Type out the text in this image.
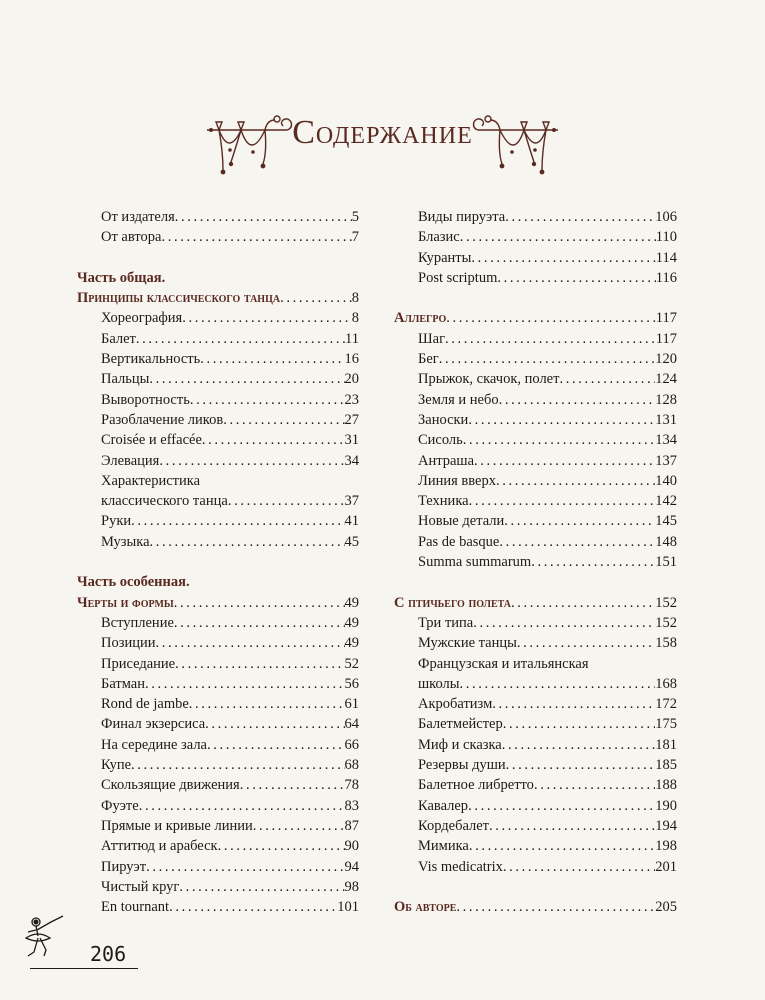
Содержание
От издателя . . .	5
От автора . . .	7
Часть общая.
Принципы классического танца . . .	8
Хореография . . .	8
Балет . . .	11
Вертикальность . . .	16
Пальцы . . .	20
Выворотность . . .	23
Разоблачение ликов . . .	27
Croisée и effacée . . .	31
Элевация . . .	34
Характеристика
классического танца . . .	37
Руки . . .	41
Музыка . . .	45
Часть особенная.
Черты и формы . . .	49
Вступление . . .	49
Позиции . . .	49
Приседание . . .	52
Батман . . .	56
Rond de jambe . . .	61
Финал экзерсиса . . .	64
На середине зала . . .	66
Купе . . .	68
Скользящие движения . . .	78
Фуэте . . .	83
Прямые и кривые линии . . .	87
Аттитюд и арабеск . . .	90
Пируэт . . .	94
Чистый круг . . .	98
En tournant . . .	101
Виды пируэта . . .	106
Блазис . . .	110
Куранты . . .	114
Post scriptum . . .	116
Аллегро . . .	117
Шаг . . .	117
Бег . . .	120
Прыжок, скачок, полет . . .	124
Земля и небо . . .	128
Заноски . . .	131
Сисоль . . .	134
Антраша . . .	137
Линия вверх . . .	140
Техника . . .	142
Новые детали . . .	145
Pas de basque . . .	148
Summa summarum . . .	151
С птичьего полета . . .	152
Три типа . . .	152
Мужские танцы . . .	158
Французская и итальянская
школы . . .	168
Акробатизм . . .	172
Балетмейстер . . .	175
Миф и сказка . . .	181
Резервы души . . .	185
Балетное либретто . . .	188
Кавалер . . .	190
Кордебалет . . .	194
Мимика . . .	198
Vis medicatrix . . .	201
Об авторе . . .	205
206
